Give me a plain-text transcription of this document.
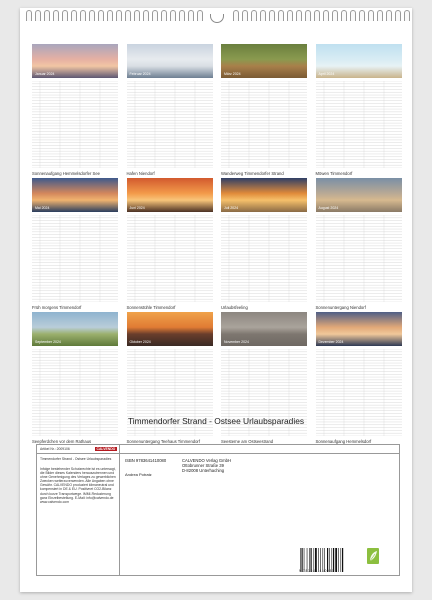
Januar 2024
Sonnenaufgang Hemmelsdorfer See
Februar 2024
Hafen Niendorf
März 2024
Wanderweg Timmendorfer Strand
April 2024
Möwen Timmendorf
Mai 2024
Früh morgens Timmendorf
Juni 2024
Sonnenstühle Timmendorf
Juli 2024
Urlaubsfeeling
August 2024
Sonnenuntergang Niendorf
September 2024
Seepferdchen vor dem Rathaus
Oktober 2024
Sonnenuntergang Teehaus Timmendorf
November 2024
Seesterne am Ostseestrand
Dezember 2024
Sonnenaufgang Hemmelsdorf
Timmendorfer Strand - Ostsee Urlaubsparadies
Artikel Nr.: 2009106	CALVENDO
Timmendorfer Strand - Ostsee Urlaubsparadies
Infolge bestehender Schutzrechte ist es untersagt, die Bilder dieses Kalenders herauszutrennen und ohne Genehmigung des Verlages zu gewerblichen Zwecken weiterzuverwenden. Alle Angaben ohne Gewähr. CALVENDO produziert klimaneutral und kompensiert in DE & EU. Positivnet CO2-Bilanz durch kurze Transportwege. IMMI-Reduzierung ganz Einzelbestellung. E-Mail: info@calvendo.de www.calvendo.com
ISBN 9783641410080
Andrea Potratz
CALVENDO Verlag GmbH
Ottobrunner Straße 39
D-82008 Unterhaching
9 783641 410080
